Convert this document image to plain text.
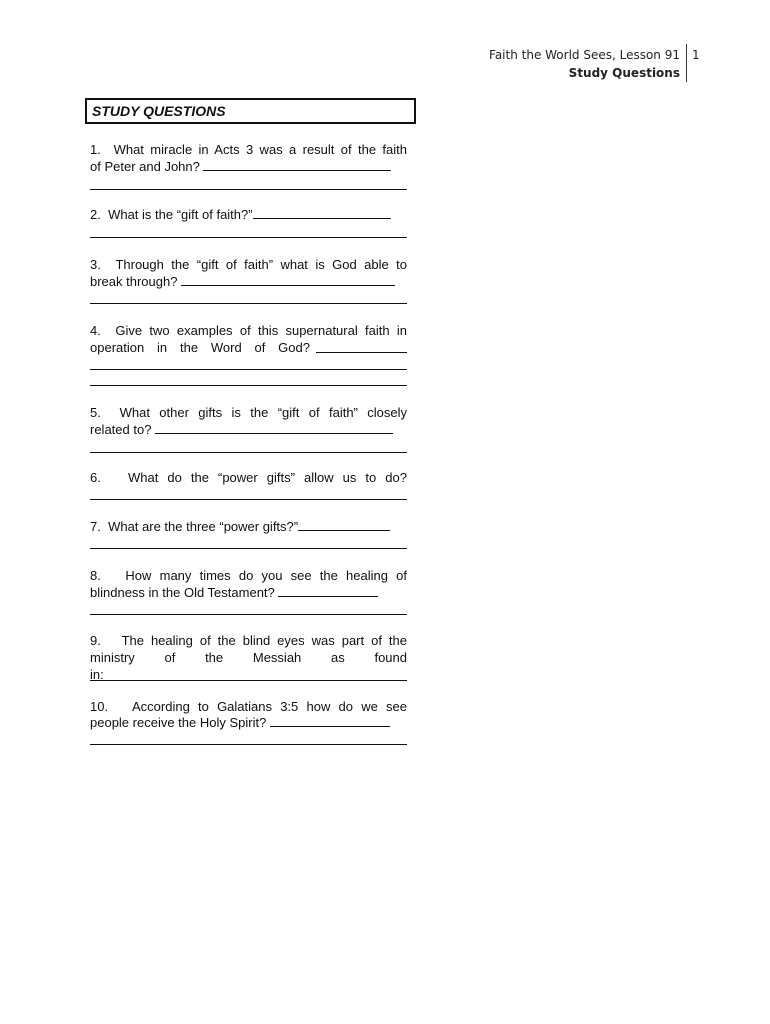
Faith the World Sees, Lesson 91
Study Questions
1
STUDY QUESTIONS
1. What miracle in Acts 3 was a result of the faith
of Peter and John?
2. What is the “gift of faith?”
3. Through the “gift of faith” what is God able to
break through?
4. Give two examples of this supernatural faith in
operation in the Word of God?
5. What other gifts is the “gift of faith” closely
related to?
6. What do the “power gifts” allow us to do?
7. What are the three “power gifts?”
8. How many times do you see the healing of
blindness in the Old Testament?
9. The healing of the blind eyes was part of the
ministry of the Messiah as found in:
10. According to Galatians 3:5 how do we see
people receive the Holy Spirit?
